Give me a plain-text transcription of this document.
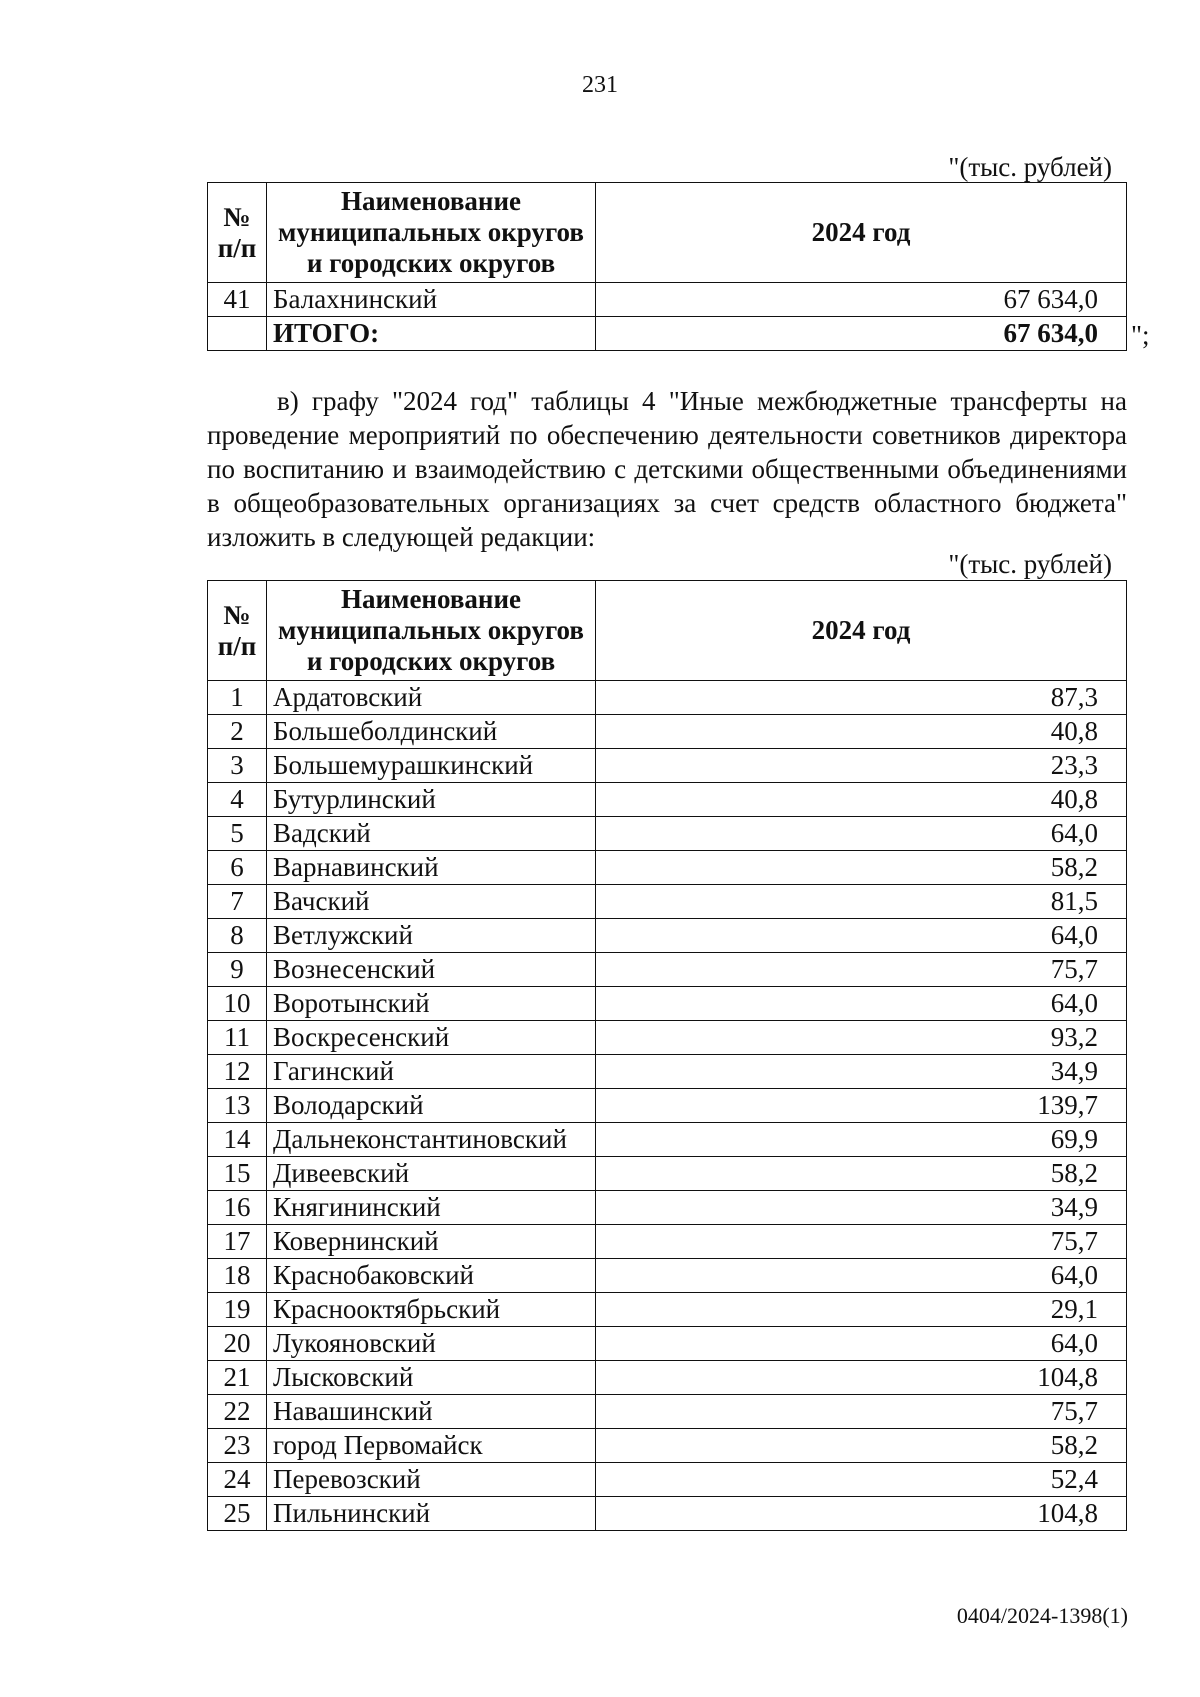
231
"(тыс. рублей)
№ п/п	Наименование муниципальных округов и городских округов	2024 год
41	Балахнинский	67 634,0
	ИТОГО:	67 634,0 ";
в) графу "2024 год" таблицы 4 "Иные межбюджетные трансферты на проведение мероприятий по обеспечению деятельности советников директора по воспитанию и взаимодействию с детскими общественными объединениями в общеобразовательных организациях за счет средств областного бюджета" изложить в следующей редакции:
"(тыс. рублей)
№ п/п	Наименование муниципальных округов и городских округов	2024 год
1	Ардатовский	87,3
2	Большеболдинский	40,8
3	Большемурашкинский	23,3
4	Бутурлинский	40,8
5	Вадский	64,0
6	Варнавинский	58,2
7	Вачский	81,5
8	Ветлужский	64,0
9	Вознесенский	75,7
10	Воротынский	64,0
11	Воскресенский	93,2
12	Гагинский	34,9
13	Володарский	139,7
14	Дальнеконстантиновский	69,9
15	Дивеевский	58,2
16	Княгининский	34,9
17	Ковернинский	75,7
18	Краснобаковский	64,0
19	Краснооктябрьский	29,1
20	Лукояновский	64,0
21	Лысковский	104,8
22	Навашинский	75,7
23	город Первомайск	58,2
24	Перевозский	52,4
25	Пильнинский	104,8
0404/2024-1398(1)
